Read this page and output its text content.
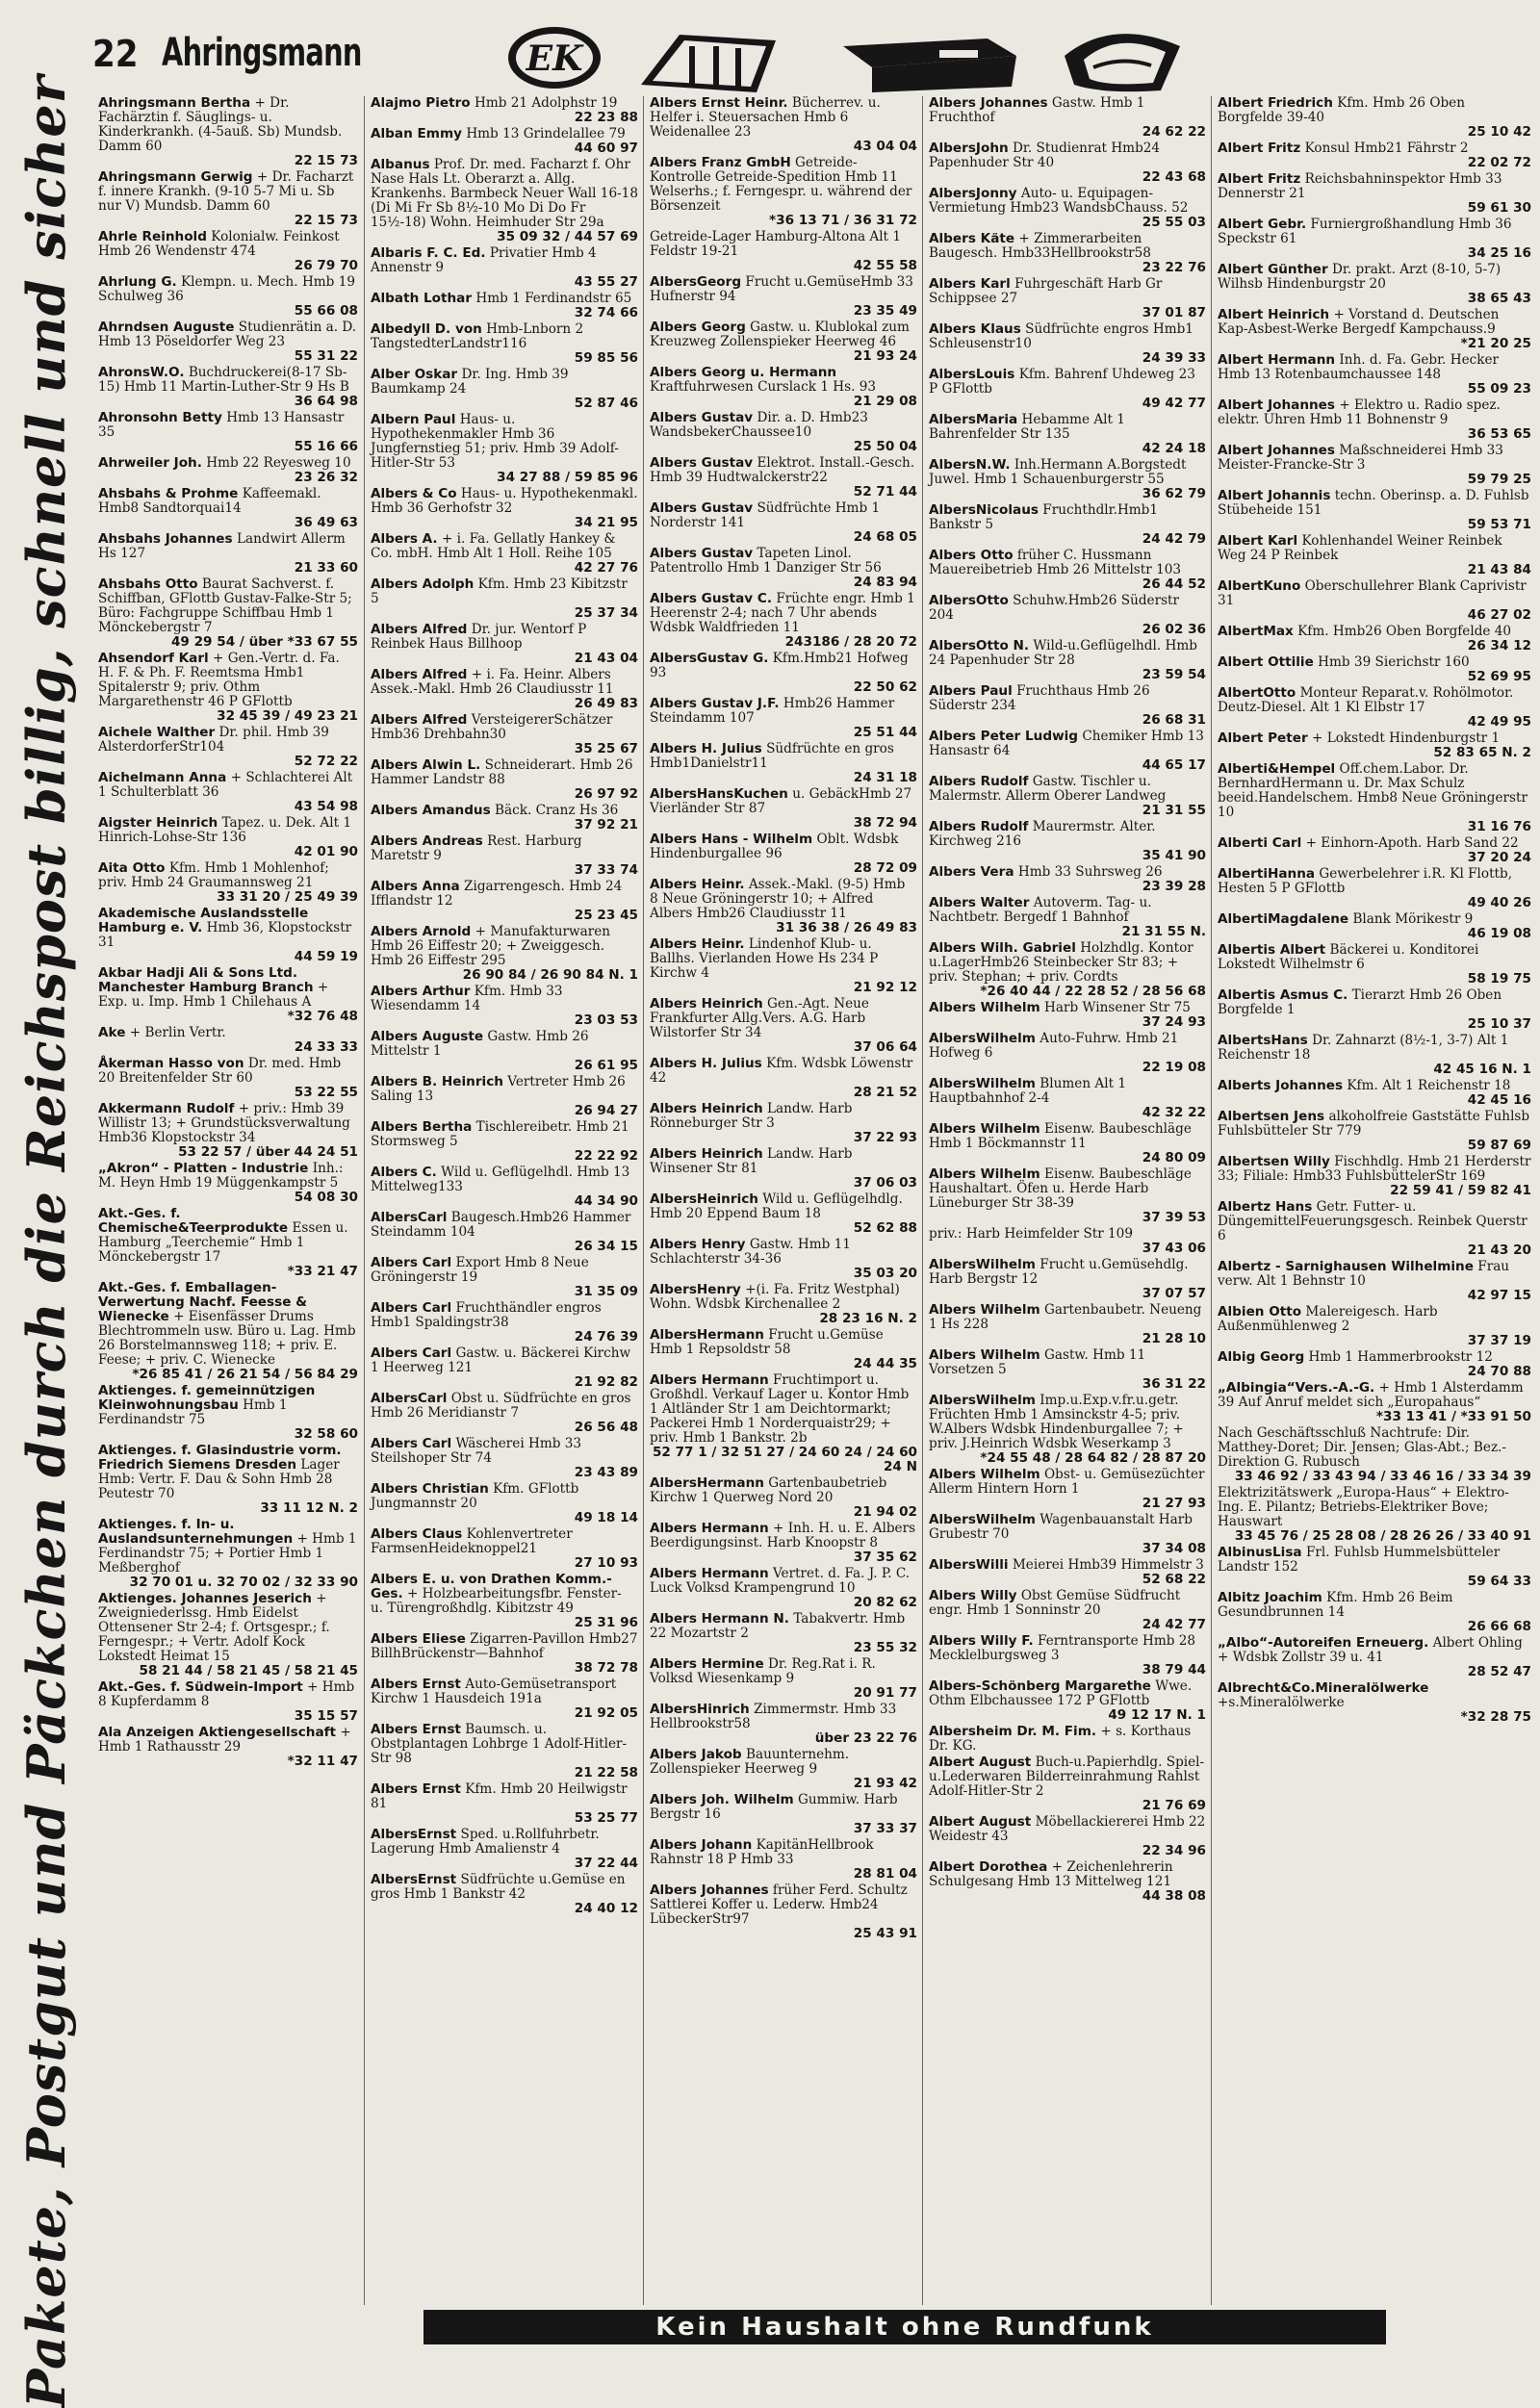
22 Ahringsmann	EK
Pakete, Postgut und Päckchen durch die Reichspost billig, schnell und sicher	Ahringsmann Bertha + Dr. Fachärztin f. Säuglings- u. Kinderkrankh. (4-5auß. Sb) Mundsb. Damm 60
22 15 73
Ahringsmann Gerwig + Dr. Facharzt f. innere Krankh. (9-10 5-7 Mi u. Sb nur V) Mundsb. Damm 60
22 15 73
Ahrle Reinhold Kolonialw. Feinkost Hmb 26 Wendenstr 474
26 79 70
Ahrlung G. Klempn. u. Mech. Hmb 19 Schulweg 36
55 66 08
Ahrndsen Auguste Studienrätin a. D. Hmb 13 Pöseldorfer Weg 23
55 31 22
AhronsW.O. Buchdruckerei(8-17 Sb-15) Hmb 11 Martin-Luther-Str 9 Hs B
36 64 98
Ahronsohn Betty Hmb 13 Hansastr 35
55 16 66
Ahrweiler Joh. Hmb 22 Reyesweg 10
23 26 32
Ahsbahs & Prohme Kaffeemakl. Hmb8 Sandtorquai14
36 49 63
Ahsbahs Johannes Landwirt Allerm Hs 127
21 33 60
Ahsbahs Otto Baurat Sachverst. f. Schiffban, GFlottb Gustav-Falke-Str 5; Büro: Fachgruppe Schiffbau Hmb 1 Mönckebergstr 7
49 29 54 / über *33 67 55
Ahsendorf Karl + Gen.-Vertr. d. Fa. H. F. & Ph. F. Reemtsma Hmb1 Spitalerstr 9; priv. Othm Margarethenstr 46 P GFlottb
32 45 39 / 49 23 21
Aichele Walther Dr. phil. Hmb 39 AlsterdorferStr104
52 72 22
Aichelmann Anna + Schlachterei Alt 1 Schulterblatt 36
43 54 98
Aigster Heinrich Tapez. u. Dek. Alt 1 Hinrich-Lohse-Str 136
42 01 90
Aita Otto Kfm. Hmb 1 Mohlenhof; priv. Hmb 24 Graumannsweg 21
33 31 20 / 25 49 39
Akademische Auslandsstelle Hamburg e. V. Hmb 36, Klopstockstr 31
44 59 19
Akbar Hadji Ali & Sons Ltd. Manchester Hamburg Branch + Exp. u. Imp. Hmb 1 Chilehaus A
*32 76 48
Ake + Berlin Vertr.
24 33 33
Åkerman Hasso von Dr. med. Hmb 20 Breitenfelder Str 60
53 22 55
Akkermann Rudolf + priv.: Hmb 39 Willistr 13; + Grundstücksverwaltung Hmb36 Klopstockstr 34
53 22 57 / über 44 24 51
„Akron“ - Platten - Industrie Inh.: M. Heyn Hmb 19 Müggenkampstr 5
54 08 30
Akt.-Ges. f. Chemische&Teerprodukte Essen u. Hamburg „Teerchemie“ Hmb 1 Mönckebergstr 17
*33 21 47
Akt.-Ges. f. Emballagen-Verwertung Nachf. Feesse & Wienecke + Eisenfässer Drums Blechtrommeln usw. Büro u. Lag. Hmb 26 Borstelmannsweg 118; + priv. E. Feese; + priv. C. Wienecke
*26 85 41 / 26 21 54 / 56 84 29
Aktienges. f. gemeinnützigen Kleinwohnungsbau Hmb 1 Ferdinandstr 75
32 58 60
Aktienges. f. Glasindustrie vorm. Friedrich Siemens Dresden Lager Hmb: Vertr. F. Dau & Sohn Hmb 28 Peutestr 70
33 11 12 N. 2
Aktienges. f. In- u. Auslandsunternehmungen + Hmb 1 Ferdinandstr 75; + Portier Hmb 1 Meßberghof
32 70 01 u. 32 70 02 / 32 33 90
Aktienges. Johannes Jeserich + Zweigniederlssg. Hmb Eidelst Ottensener Str 2-4; f. Ortsgespr.; f. Ferngespr.; + Vertr. Adolf Kock Lokstedt Heimat 15
58 21 44 / 58 21 45 / 58 21 45
Akt.-Ges. f. Südwein-Import + Hmb 8 Kupferdamm 8
35 15 57
Ala Anzeigen Aktiengesellschaft + Hmb 1 Rathausstr 29
*32 11 47
Alajmo Pietro Hmb 21 Adolphstr 19
22 23 88
Alban Emmy Hmb 13 Grindelallee 79
44 60 97
Albanus Prof. Dr. med. Facharzt f. Ohr Nase Hals Lt. Oberarzt a. Allg. Krankenhs. Barmbeck Neuer Wall 16-18 (Di Mi Fr Sb 8½-10 Mo Di Do Fr 15½-18) Wohn. Heimhuder Str 29a
35 09 32 / 44 57 69
Albaris F. C. Ed. Privatier Hmb 4 Annenstr 9
43 55 27
Albath Lothar Hmb 1 Ferdinandstr 65
32 74 66
Albedyll D. von Hmb-Lnborn 2 TangstedterLandstr116
59 85 56
Alber Oskar Dr. Ing. Hmb 39 Baumkamp 24
52 87 46
Albern Paul Haus- u. Hypothekenmakler Hmb 36 Jungfernstieg 51; priv. Hmb 39 Adolf-Hitler-Str 53
34 27 88 / 59 85 96
Albers & Co Haus- u. Hypothekenmakl. Hmb 36 Gerhofstr 32
34 21 95
Albers A. + i. Fa. Gellatly Hankey & Co. mbH. Hmb Alt 1 Holl. Reihe 105
42 27 76
Albers Adolph Kfm. Hmb 23 Kibitzstr 5
25 37 34
Albers Alfred Dr. jur. Wentorf P Reinbek Haus Billhoop
21 43 04
Albers Alfred + i. Fa. Heinr. Albers Assek.-Makl. Hmb 26 Claudiusstr 11
26 49 83
Albers Alfred VersteigererSchätzer Hmb36 Drehbahn30
35 25 67
Albers Alwin L. Schneiderart. Hmb 26 Hammer Landstr 88
26 97 92
Albers Amandus Bäck. Cranz Hs 36
37 92 21
Albers Andreas Rest. Harburg Maretstr 9
37 33 74
Albers Anna Zigarrengesch. Hmb 24 Ifflandstr 12
25 23 45
Albers Arnold + Manufakturwaren Hmb 26 Eiffestr 20; + Zweiggesch. Hmb 26 Eiffestr 295
26 90 84 / 26 90 84 N. 1
Albers Arthur Kfm. Hmb 33 Wiesendamm 14
23 03 53
Albers Auguste Gastw. Hmb 26 Mittelstr 1
26 61 95
Albers B. Heinrich Vertreter Hmb 26 Saling 13
26 94 27
Albers Bertha Tischlereibetr. Hmb 21 Stormsweg 5
22 22 92
Albers C. Wild u. Geflügelhdl. Hmb 13 Mittelweg133
44 34 90
AlbersCarl Baugesch.Hmb26 Hammer Steindamm 104
26 34 15
Albers Carl Export Hmb 8 Neue Gröningerstr 19
31 35 09
Albers Carl Fruchthändler engros Hmb1 Spaldingstr38
24 76 39
Albers Carl Gastw. u. Bäckerei Kirchw 1 Heerweg 121
21 92 82
AlbersCarl Obst u. Südfrüchte en gros Hmb 26 Meridianstr 7
26 56 48
Albers Carl Wäscherei Hmb 33 Steilshoper Str 74
23 43 89
Albers Christian Kfm. GFlottb Jungmannstr 20
49 18 14
Albers Claus Kohlenvertreter FarmsenHeideknoppel21
27 10 93
Albers E. u. von Drathen Komm.-Ges. + Holzbearbeitungsfbr. Fenster- u. Türengroßhdlg. Kibitzstr 49
25 31 96
Albers Eliese Zigarren-Pavillon Hmb27 BillhBrückenstr—Bahnhof
38 72 78
Albers Ernst Auto-Gemüsetransport Kirchw 1 Hausdeich 191a
21 92 05
Albers Ernst Baumsch. u. Obstplantagen Lohbrgе 1 Adolf-Hitler-Str 98
21 22 58
Albers Ernst Kfm. Hmb 20 Heilwigstr 81
53 25 77
AlbersErnst Sped. u.Rollfuhrbetr. Lagerung Hmb Amalienstr 4
37 22 44
AlbersErnst Südfrüchte u.Gemüse en gros Hmb 1 Bankstr 42
24 40 12
Albers Ernst Heinr. Bücherrev. u. Helfer i. Steuersachen Hmb 6 Weidenallee 23
43 04 04
Albers Franz GmbH Getreide-Kontrolle Getreide-Spedition Hmb 11 Welserhs.; f. Ferngespr. u. während der Börsenzeit
*36 13 71 / 36 31 72
Getreide-Lager Hamburg-Altona Alt 1 Feldstr 19-21
42 55 58
AlbersGeorg Frucht u.GemüseHmb 33 Hufnerstr 94
23 35 49
Albers Georg Gastw. u. Klublokal zum Kreuzweg Zollenspieker Heerweg 46
21 93 24
Albers Georg u. Hermann Kraftfuhrwesen Curslack 1 Hs. 93
21 29 08
Albers Gustav Dir. a. D. Hmb23 WandsbekerChaussee10
25 50 04
Albers Gustav Elektrot. Install.-Gesch. Hmb 39 Hudtwalckerstr22
52 71 44
Albers Gustav Südfrüchte Hmb 1 Norderstr 141
24 68 05
Albers Gustav Tapeten Linol. Patentrollo Hmb 1 Danziger Str 56
24 83 94
Albers Gustav C. Früchte engr. Hmb 1 Heerenstr 2-4; nach 7 Uhr abends Wdsbk Waldfrieden 11
243186 / 28 20 72
AlbersGustav G. Kfm.Hmb21 Hofweg 93
22 50 62
Albers Gustav J.F. Hmb26 Hammer Steindamm 107
25 51 44
Albers H. Julius Südfrüchte en gros Hmb1Danielstr11
24 31 18
AlbersHansKuchen u. GebäckHmb 27 Vierländer Str 87
38 72 94
Albers Hans - Wilhelm Oblt. Wdsbk Hindenburgallee 96
28 72 09
Albers Heinr. Assek.-Makl. (9-5) Hmb 8 Neue Gröningerstr 10; + Alfred Albers Hmb26 Claudiusstr 11
31 36 38 / 26 49 83
Albers Heinr. Lindenhof Klub- u. Ballhs. Vierlanden Howe Hs 234 P Kirchw 4
21 92 12
Albers Heinrich Gen.-Agt. Neue Frankfurter Allg.Vers. A.G. Harb Wilstorfer Str 34
37 06 64
Albers H. Julius Kfm. Wdsbk Löwenstr 42
28 21 52
Albers Heinrich Landw. Harb Rönneburger Str 3
37 22 93
Albers Heinrich Landw. Harb Winsener Str 81
37 06 03
AlbersHeinrich Wild u. Geflügelhdlg. Hmb 20 Eppend Baum 18
52 62 88
Albers Henry Gastw. Hmb 11 Schlachterstr 34-36
35 03 20
AlbersHenry +(i. Fa. Fritz Westphal) Wohn. Wdsbk Kirchenallee 2
28 23 16 N. 2
AlbersHermann Frucht u.Gemüse Hmb 1 Repsoldstr 58
24 44 35
Albers Hermann Fruchtimport u. Großhdl. Verkauf Lager u. Kontor Hmb 1 Altländer Str 1 am Deichtormarkt; Packerei Hmb 1 Norderquaistr29; + priv. Hmb 1 Bankstr. 2b
52 77 1 / 32 51 27 / 24 60 24 / 24 60 24 N
AlbersHermann Gartenbaubetrieb Kirchw 1 Querweg Nord 20
21 94 02
Albers Hermann + Inh. H. u. E. Albers Beerdigungsinst. Harb Knoopstr 8
37 35 62
Albers Hermann Vertret. d. Fa. J. P. C. Luck Volksd Krampengrund 10
20 82 62
Albers Hermann N. Tabakvertr. Hmb 22 Mozartstr 2
23 55 32
Albers Hermine Dr. Reg.Rat i. R. Volksd Wiesenkamp 9
20 91 77
AlbersHinrich Zimmermstr. Hmb 33 Hellbrookstr58
über 23 22 76
Albers Jakob Bauunternehm. Zollenspieker Heerweg 9
21 93 42
Albers Joh. Wilhelm Gummiw. Harb Bergstr 16
37 33 37
Albers Johann KapitänHellbrook Rahnstr 18 P Hmb 33
28 81 04
Albers Johannes früher Ferd. Schultz Sattlerei Koffer u. Lederw. Hmb24 LübeckerStr97
25 43 91
Albers Johannes Gastw. Hmb 1 Fruchthof
24 62 22
AlbersJohn Dr. Studienrat Hmb24 Papenhuder Str 40
22 43 68
AlbersJonny Auto- u. Equipagen-Vermietung Hmb23 WandsbChauss. 52
25 55 03
Albers Käte + Zimmerarbeiten Baugesch. Hmb33Hellbrookstr58
23 22 76
Albers Karl Fuhrgeschäft Harb Gr Schippsee 27
37 01 87
Albers Klaus Südfrüchte engros Hmb1 Schleusenstr10
24 39 33
AlbersLouis Kfm. Bahrenf Uhdeweg 23 P GFlottb
49 42 77
AlbersMaria Hebamme Alt 1 Bahrenfelder Str 135
42 24 18
AlbersN.W. Inh.Hermann A.Borgstedt Juwel. Hmb 1 Schauenburgerstr 55
36 62 79
AlbersNicolaus Fruchthdlr.Hmb1 Bankstr 5
24 42 79
Albers Otto früher C. Hussmann Mauereibetrieb Hmb 26 Mittelstr 103
26 44 52
AlbersOtto Schuhw.Hmb26 Süderstr 204
26 02 36
AlbersOtto N. Wild-u.Geflügelhdl. Hmb 24 Papenhuder Str 28
23 59 54
Albers Paul Fruchthaus Hmb 26 Süderstr 234
26 68 31
Albers Peter Ludwig Chemiker Hmb 13 Hansastr 64
44 65 17
Albers Rudolf Gastw. Tischler u. Malermstr. Allerm Oberer Landweg
21 31 55
Albers Rudolf Maurermstr. Alter. Kirchweg 216
35 41 90
Albers Vera Hmb 33 Suhrsweg 26
23 39 28
Albers Walter Autoverm. Tag- u. Nachtbetr. Bergedf 1 Bahnhof
21 31 55 N.
Albers Wilh. Gabriel Holzhdlg. Kontor u.LagerHmb26 Steinbecker Str 83; + priv. Stephan; + priv. Cordts
*26 40 44 / 22 28 52 / 28 56 68
Albers Wilhelm Harb Winsener Str 75
37 24 93
AlbersWilhelm Auto-Fuhrw. Hmb 21 Hofweg 6
22 19 08
AlbersWilhelm Blumen Alt 1 Hauptbahnhof 2-4
42 32 22
Albers Wilhelm Eisenw. Baubeschläge Hmb 1 Böckmannstr 11
24 80 09
Albers Wilhelm Eisenw. Baubeschläge Haushaltart. Öfen u. Herde Harb Lüneburger Str 38-39
37 39 53
priv.: Harb Heimfelder Str 109
37 43 06
AlbersWilhelm Frucht u.Gemüsehdlg. Harb Bergstr 12
37 07 57
Albers Wilhelm Gartenbaubetr. Neueng 1 Hs 228
21 28 10
Albers Wilhelm Gastw. Hmb 11 Vorsetzen 5
36 31 22
AlbersWilhelm Imp.u.Exp.v.fr.u.getr. Früchten Hmb 1 Amsinckstr 4-5; priv. W.Albers Wdsbk Hindenburgallee 7; + priv. J.Heinrich Wdsbk Weserkamp 3
*24 55 48 / 28 64 82 / 28 87 20
Albers Wilhelm Obst- u. Gemüsezüchter Allerm Hintern Horn 1
21 27 93
AlbersWilhelm Wagenbauanstalt Harb Grubestr 70
37 34 08
AlbersWilli Meierei Hmb39 Himmelstr 3
52 68 22
Albers Willy Obst Gemüse Südfrucht engr. Hmb 1 Sonninstr 20
24 42 77
Albers Willy F. Ferntransporte Hmb 28 Mecklelburgsweg 3
38 79 44
Albers-Schönberg Margarethe Wwe. Othm Elbchaussee 172 P GFlottb
49 12 17 N. 1
Albersheim Dr. M. Fim. + s. Korthaus Dr. KG.
Albert August Buch-u.Papierhdlg. Spiel- u.Lederwaren Bilderreinrahmung Rahlst Adolf-Hitler-Str 2
21 76 69
Albert August Möbellackiererei Hmb 22 Weidestr 43
22 34 96
Albert Dorothea + Zeichenlehrerin Schulgesang Hmb 13 Mittelweg 121
44 38 08
Albert Friedrich Kfm. Hmb 26 Oben Borgfelde 39-40
25 10 42
Albert Fritz Konsul Hmb21 Fährstr 2
22 02 72
Albert Fritz Reichsbahninspektor Hmb 33 Dennerstr 21
59 61 30
Albert Gebr. Furniergroßhandlung Hmb 36 Speckstr 61
34 25 16
Albert Günther Dr. prakt. Arzt (8-10, 5-7) Wilhsb Hindenburgstr 20
38 65 43
Albert Heinrich + Vorstand d. Deutschen Kap-Asbest-Werke Bergedf Kampchauss.9
*21 20 25
Albert Hermann Inh. d. Fa. Gebr. Hecker Hmb 13 Rotenbaumchaussee 148
55 09 23
Albert Johannes + Elektro u. Radio spez. elektr. Uhren Hmb 11 Bohnenstr 9
36 53 65
Albert Johannes Maßschneiderei Hmb 33 Meister-Francke-Str 3
59 79 25
Albert Johannis techn. Oberinsp. a. D. Fuhlsb Stübeheide 151
59 53 71
Albert Karl Kohlenhandel Weiner Reinbek Weg 24 P Reinbek
21 43 84
AlbertKuno Oberschullehrer Blank Caprivistr 31
46 27 02
AlbertMax Kfm. Hmb26 Oben Borgfelde 40
26 34 12
Albert Ottilie Hmb 39 Sierichstr 160
52 69 95
AlbertOtto Monteur Reparat.v. Rohölmotor. Deutz-Diesel. Alt 1 Kl Elbstr 17
42 49 95
Albert Peter + Lokstedt Hindenburgstr 1
52 83 65 N. 2
Alberti&Hempel Off.chem.Labor. Dr. BernhardHermann u. Dr. Max Schulz beeid.Handelschem. Hmb8 Neue Gröningerstr 10
31 16 76
Alberti Carl + Einhorn-Apoth. Harb Sand 22
37 20 24
AlbertiHanna Gewerbelehrer i.R. Kl Flottb, Hesten 5 P GFlottb
49 40 26
AlbertiMagdalene Blank Mörikestr 9
46 19 08
Albertis Albert Bäckerei u. Konditorei Lokstedt Wilhelmstr 6
58 19 75
Albertis Asmus C. Tierarzt Hmb 26 Oben Borgfelde 1
25 10 37
AlbertsHans Dr. Zahnarzt (8½-1, 3-7) Alt 1 Reichenstr 18
42 45 16 N. 1
Alberts Johannes Kfm. Alt 1 Reichenstr 18
42 45 16
Albertsen Jens alkoholfreie Gaststätte Fuhlsb Fuhlsbütteler Str 779
59 87 69
Albertsen Willy Fischhdlg. Hmb 21 Herderstr 33; Filiale: Hmb33 FuhlsbüttelerStr 169
22 59 41 / 59 82 41
Albertz Hans Getr. Futter- u. DüngemittelFeuerungsgesch. Reinbek Querstr 6
21 43 20
Albertz - Sarnighausen Wilhelmine Frau verw. Alt 1 Behnstr 10
42 97 15
Albien Otto Malereigesch. Harb Außenmühlenweg 2
37 37 19
Albig Georg Hmb 1 Hammerbrookstr 12
24 70 88
„Albingia“Vers.-A.-G. + Hmb 1 Alsterdamm 39 Auf Anruf meldet sich „Europahaus“
*33 13 41 / *33 91 50
Nach Geschäftsschluß Nachtrufe: Dir. Matthey-Doret; Dir. Jensen; Glas-Abt.; Bez.-Direktion G. Rubusch
33 46 92 / 33 43 94 / 33 46 16 / 33 34 39
Elektrizitätswerk „Europa-Haus“ + Elektro-Ing. E. Pilantz; Betriebs-Elektriker Bove; Hauswart
33 45 76 / 25 28 08 / 28 26 26 / 33 40 91
AlbinusLisa Frl. Fuhlsb Hummelsbütteler Landstr 152
59 64 33
Albitz Joachim Kfm. Hmb 26 Beim Gesundbrunnen 14
26 66 68
„Albo“-Autoreifen Erneuerg. Albert Ohling + Wdsbk Zollstr 39 u. 41
28 52 47
Albrecht&Co.Mineralölwerke +s.Mineralölwerke
*32 28 75
Kein Haushalt ohne Rundfunk
